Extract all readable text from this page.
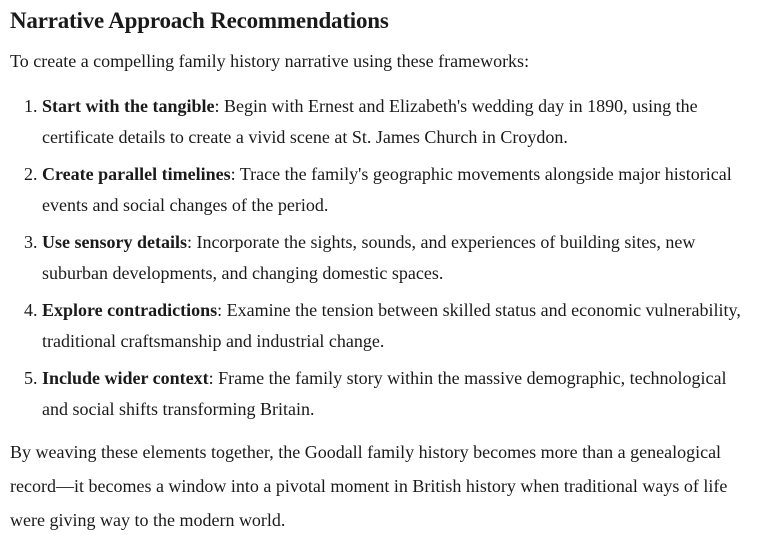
Narrative Approach Recommendations

To create a compelling family history narrative using these frameworks:

1. Start with the tangible: Begin with Ernest and Elizabeth's wedding day in 1890, using the certificate details to create a vivid scene at St. James Church in Croydon.
2. Create parallel timelines: Trace the family's geographic movements alongside major historical events and social changes of the period.
3. Use sensory details: Incorporate the sights, sounds, and experiences of building sites, new suburban developments, and changing domestic spaces.
4. Explore contradictions: Examine the tension between skilled status and economic vulnerability, traditional craftsmanship and industrial change.
5. Include wider context: Frame the family story within the massive demographic, technological and social shifts transforming Britain.

By weaving these elements together, the Goodall family history becomes more than a genealogical record—it becomes a window into a pivotal moment in British history when traditional ways of life were giving way to the modern world.
